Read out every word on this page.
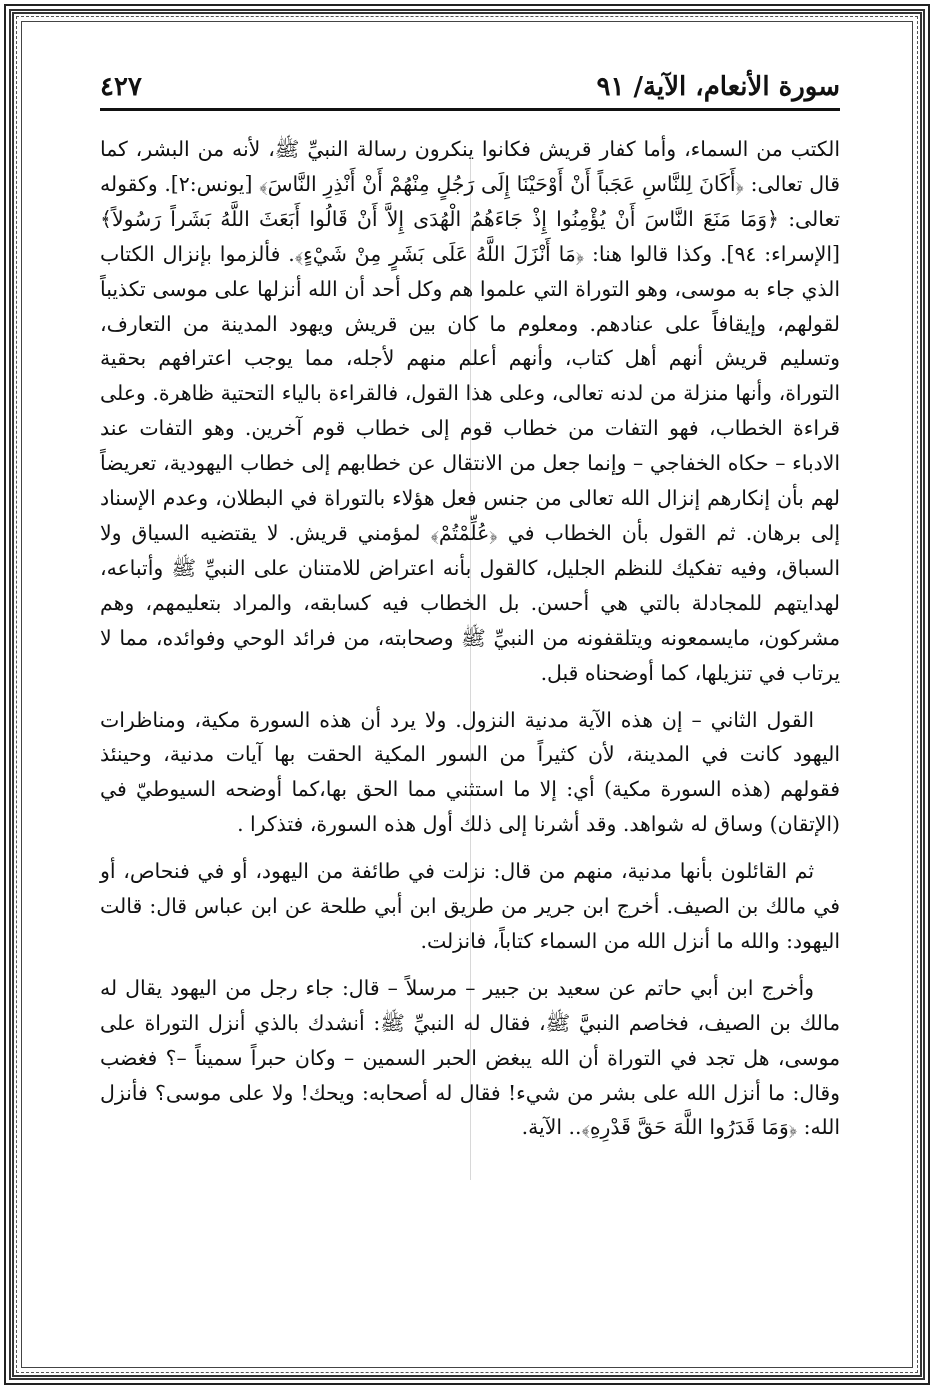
سورة الأنعام، الآية/ ٩١
٤٢٧

الكتب من السماء، وأما كفار قريش فكانوا ينكرون رسالة النبيِّ ﷺ، لأنه من البشر، كما قال تعالى: ﴿أَكَانَ لِلنَّاسِ عَجَباً أَنْ أَوْحَيْنَا إِلَى رَجُلٍ مِنْهُمْ أَنْ أَنْذِرِ النَّاسَ﴾ [يونس:٢]. وكقوله تعالى: ﴿وَمَا مَنَعَ النَّاسَ أَنْ يُؤْمِنُوا إِذْ جَاءَهُمُ الْهُدَى إِلاَّ أَنْ قَالُوا أَبَعَثَ اللَّهُ بَشَراً رَسُولاً﴾ [الإسراء: ٩٤]. وكذا قالوا هنا: ﴿مَا أَنْزَلَ اللَّهُ عَلَى بَشَرٍ مِنْ شَيْءٍ﴾. فألزموا بإنزال الكتاب الذي جاء به موسى، وهو التوراة التي علموا هم وكل أحد أن الله أنزلها على موسى تكذيباً لقولهم، وإيقافاً على عنادهم. ومعلوم ما كان بين قريش ويهود المدينة من التعارف، وتسليم قريش أنهم أهل كتاب، وأنهم أعلم منهم لأجله، مما يوجب اعترافهم بحقية التوراة، وأنها منزلة من لدنه تعالى، وعلى هذا القول، فالقراءة بالياء التحتية ظاهرة. وعلى قراءة الخطاب، فهو التفات من خطاب قوم إلى خطاب قوم آخرين. وهو التفات عند الادباء – حكاه الخفاجي – وإنما جعل من الانتقال عن خطابهم إلى خطاب اليهودية، تعريضاً لهم بأن إنكارهم إنزال الله تعالى من جنس فعل هؤلاء بالتوراة في البطلان، وعدم الإسناد إلى برهان. ثم القول بأن الخطاب في ﴿عُلِّمْتُمْ﴾ لمؤمني قريش. لا يقتضيه السياق ولا السباق، وفيه تفكيك للنظم الجليل، كالقول بأنه اعتراض للامتنان على النبيِّ ﷺ وأتباعه، لهدايتهم للمجادلة بالتي هي أحسن. بل الخطاب فيه كسابقه، والمراد بتعليمهم، وهم مشركون، مايسمعونه ويتلقفونه من النبيِّ ﷺ وصحابته، من فرائد الوحي وفوائده، مما لا يرتاب في تنزيلها، كما أوضحناه قبل.

القول الثاني – إن هذه الآية مدنية النزول. ولا يرد أن هذه السورة مكية، ومناظرات اليهود كانت في المدينة، لأن كثيراً من السور المكية الحقت بها آيات مدنية، وحينئذ فقولهم (هذه السورة مكية) أي: إلا ما استثني مما الحق بها،كما أوضحه السيوطيّ في (الإتقان) وساق له شواهد. وقد أشرنا إلى ذلك أول هذه السورة، فتذكرا .

ثم القائلون بأنها مدنية، منهم من قال: نزلت في طائفة من اليهود، أو في فنحاص، أو في مالك بن الصيف. أخرج ابن جرير من طريق ابن أبي طلحة عن ابن عباس قال: قالت اليهود: والله ما أنزل الله من السماء كتاباً، فانزلت.

وأخرج ابن أبي حاتم عن سعيد بن جبير – مرسلاً – قال: جاء رجل من اليهود يقال له مالك بن الصيف، فخاصم النبيَّ ﷺ، فقال له النبيِّ ﷺ: أنشدك بالذي أنزل التوراة على موسى، هل تجد في التوراة أن الله يبغض الحبر السمين – وكان حبراً سميناً –؟ فغضب وقال: ما أنزل الله على بشر من شيء! فقال له أصحابه: ويحك! ولا على موسى؟ فأنزل الله: ﴿وَمَا قَدَرُوا اللَّهَ حَقَّ قَدْرِهِ﴾.. الآية.
